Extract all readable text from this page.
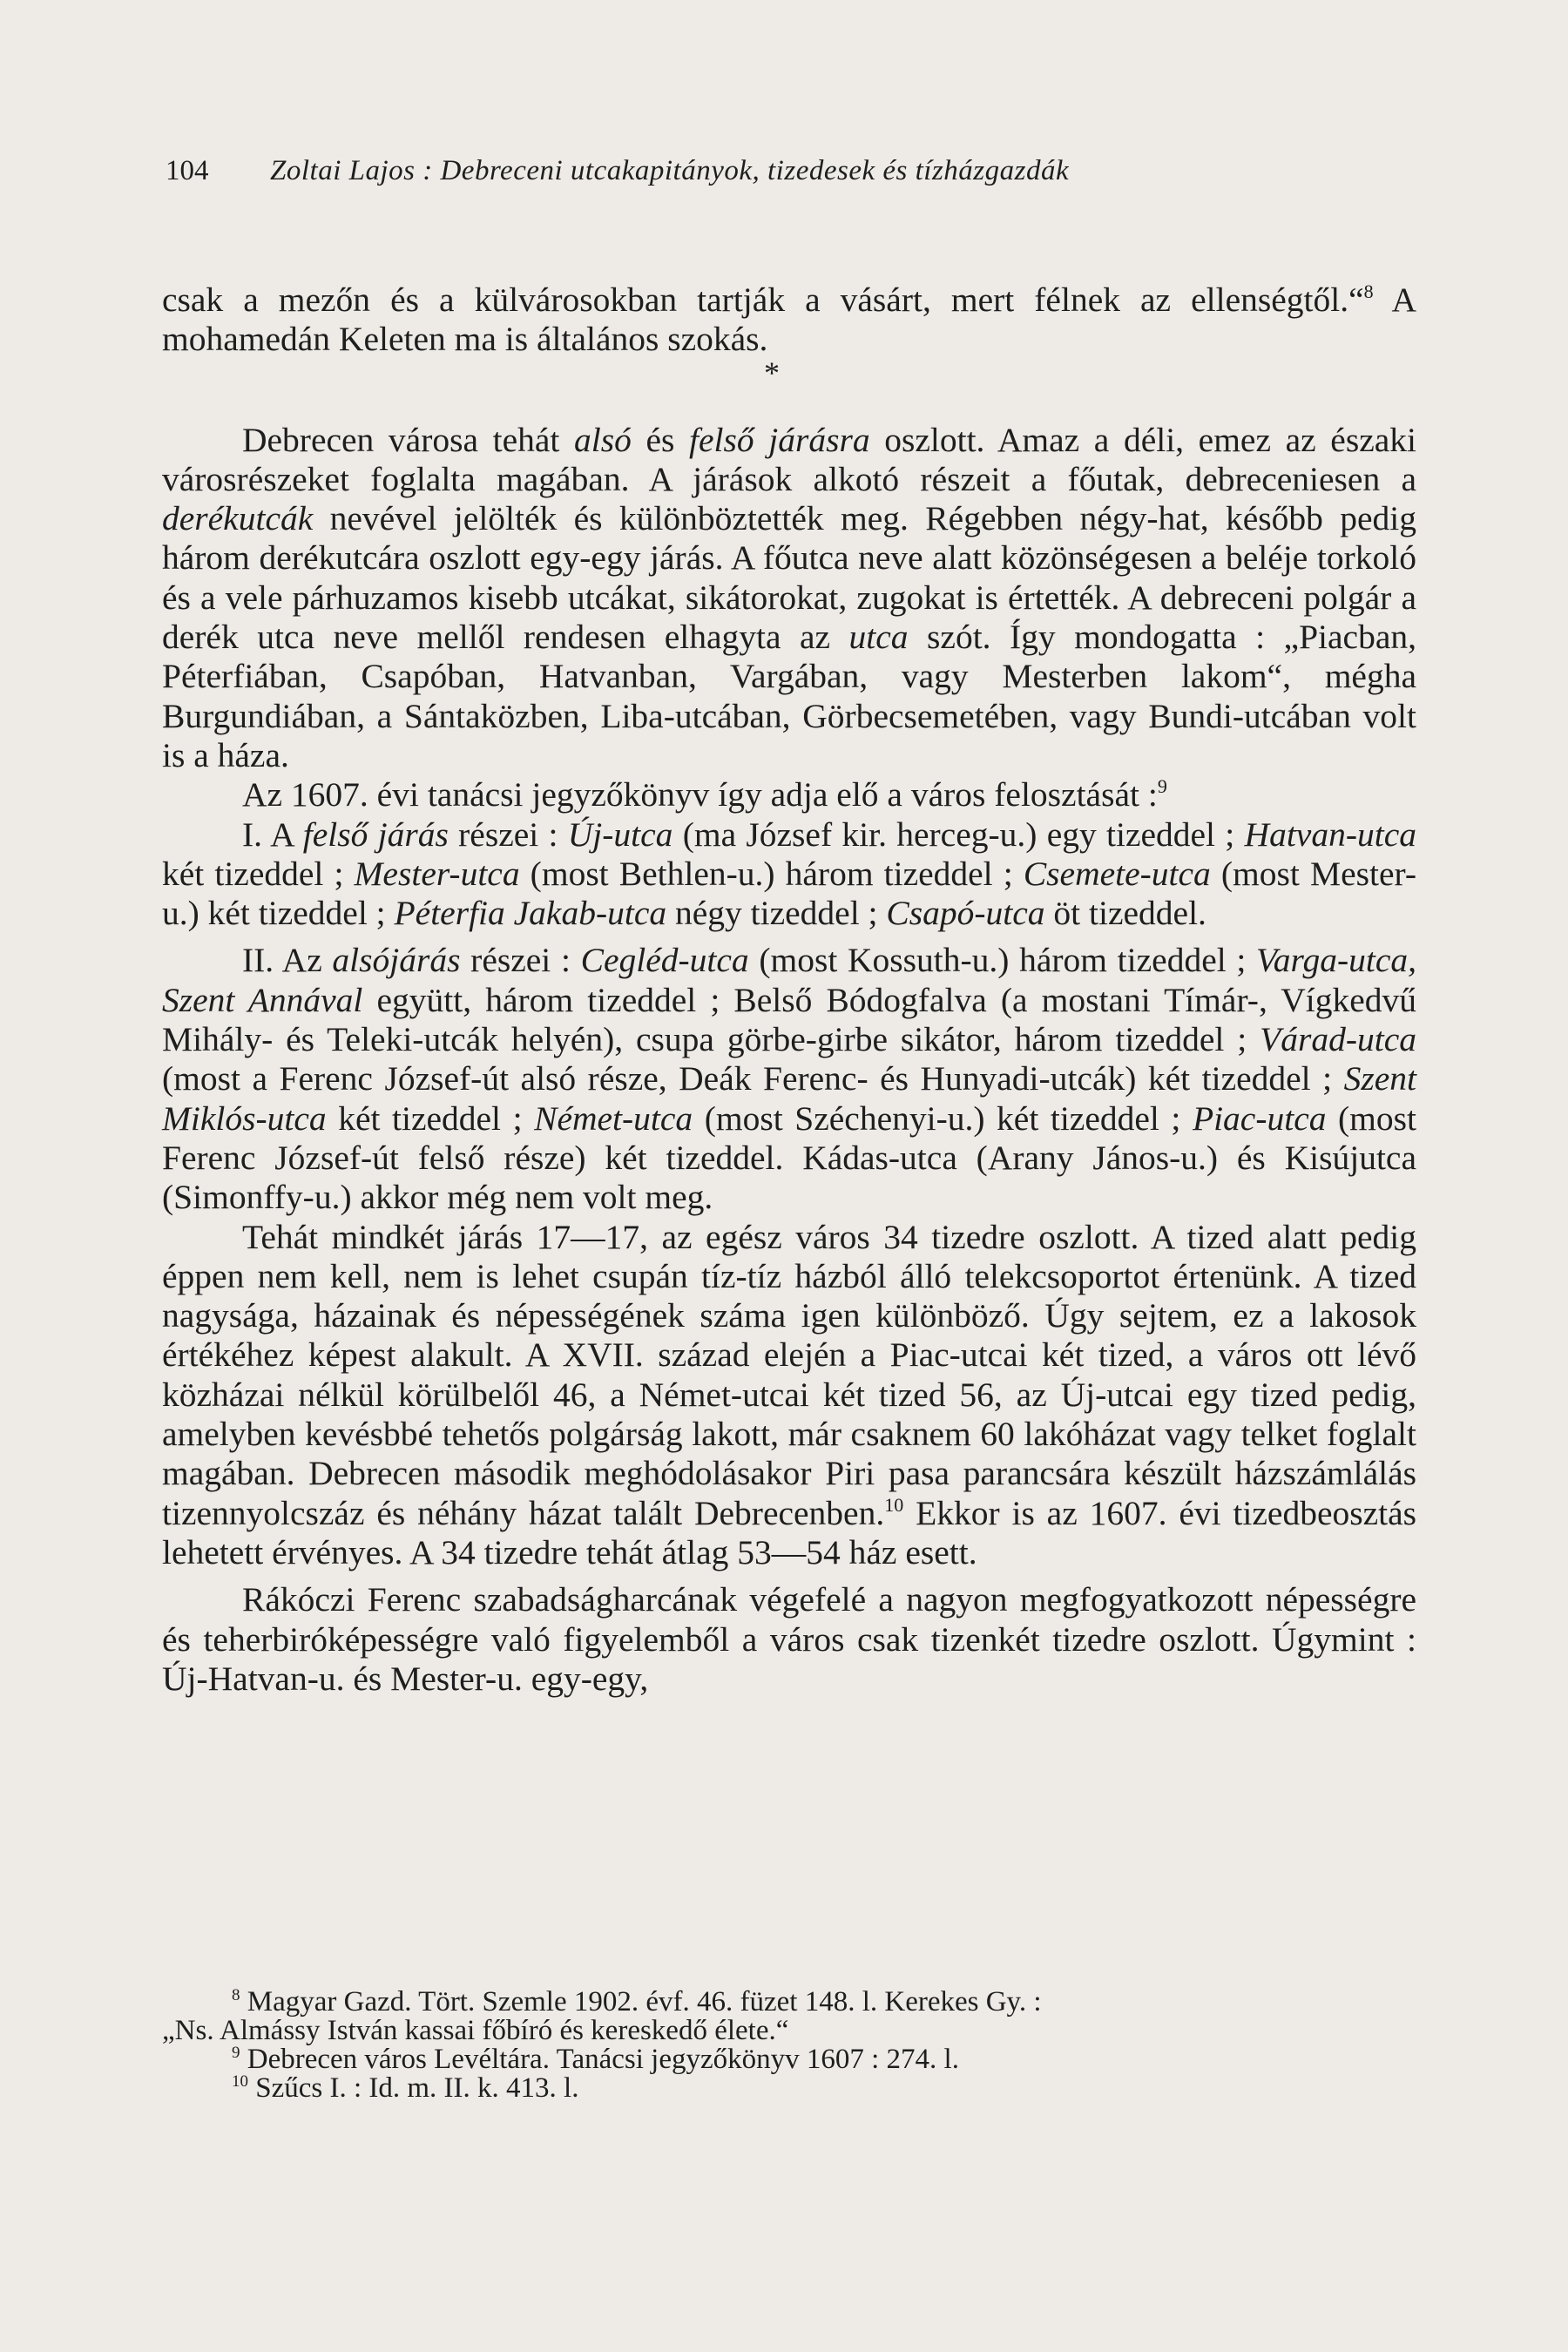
104 Zoltai Lajos : Debreceni utcakapitányok, tizedesek és tízházgazdák

csak a mezőn és a külvárosokban tartják a vásárt, mert félnek az ellenségtől.“$^8$ A mohamedán Keleten ma is általános szokás.

*

Debrecen városa tehát alsó és felső járásra oszlott. Amaz a déli, emez az északi városrészeket foglalta magában. A járások alkotó részeit a főutak, debreceniesen a derékutcák nevével jelölték és különböztették meg. Régebben négy-hat, később pedig három derékutcára oszlott egy-egy járás. A főutca neve alatt közönségesen a beléje torkoló és a vele párhuzamos kisebb utcákat, sikátorokat, zugokat is értették. A debreceni polgár a derék utca neve mellől rendesen elhagyta az utca szót. Így mondogatta : „Piacban, Péterfiában, Csapóban, Hatvanban, Vargában, vagy Mesterben lakom“, mégha Burgundiában, a Sántaközben, Liba-utcában, Görbecsemetében, vagy Bundi-utcában volt is a háza.

Az 1607. évi tanácsi jegyzőkönyv így adja elő a város felosztását :$^9$

I. A felső járás részei : Új-utca (ma József kir. herceg-u.) egy tizeddel ; Hatvan-utca két tizeddel ; Mester-utca (most Bethlen-u.) három tizeddel ; Csemete-utca (most Mester-u.) két tizeddel ; Péterfia Jakab-utca négy tizeddel ; Csapó-utca öt tizeddel.

II. Az alsójárás részei : Cegléd-utca (most Kossuth-u.) három tizeddel ; Varga-utca, Szent Annával együtt, három tizeddel ; Belső Bódogfalva (a mostani Tímár-, Vígkedvű Mihály- és Teleki-utcák helyén), csupa görbe-girbe sikátor, három tizeddel ; Várad-utca (most a Ferenc József-út alsó része, Deák Ferenc- és Hunyadi-utcák) két tizeddel ; Szent Miklós-utca két tizeddel ; Német-utca (most Széchenyi-u.) két tizeddel ; Piac-utca (most Ferenc József-út felső része) két tizeddel. Kádas-utca (Arany János-u.) és Kisújutca (Simonffy-u.) akkor még nem volt meg.

Tehát mindkét járás 17—17, az egész város 34 tizedre oszlott. A tized alatt pedig éppen nem kell, nem is lehet csupán tíz-tíz házból álló telekcsoportot értenünk. A tized nagysága, házainak és népességének száma igen különböző. Úgy sejtem, ez a lakosok értékéhez képest alakult. A XVII. század elején a Piac-utcai két tized, a város ott lévő közházai nélkül körülbelől 46, a Német-utcai két tized 56, az Új-utcai egy tized pedig, amelyben kevésbbé tehetős polgárság lakott, már csaknem 60 lakóházat vagy telket foglalt magában. Debrecen második meghódolásakor Piri pasa parancsára készült házszámlálás tizennyolcszáz és néhány házat talált Debrecenben.$^{10}$ Ekkor is az 1607. évi tizedbeosztás lehetett érvényes. A 34 tizedre tehát átlag 53—54 ház esett.

Rákóczi Ferenc szabadságharcának végefelé a nagyon megfogyatkozott népességre és teherbiróképességre való figyelemből a város csak tizenkét tizedre oszlott. Úgymint : Új-Hatvan-u. és Mester-u. egy-egy,

$^8$ Magyar Gazd. Tört. Szemle 1902. évf. 46. füzet 148. l. Kerekes Gy. :

„Ns. Almássy István kassai főbíró és kereskedő élete.“

$^9$ Debrecen város Levéltára. Tanácsi jegyzőkönyv 1607 : 274. l.

$^{10}$ Szűcs I. : Id. m. II. k. 413. l.
